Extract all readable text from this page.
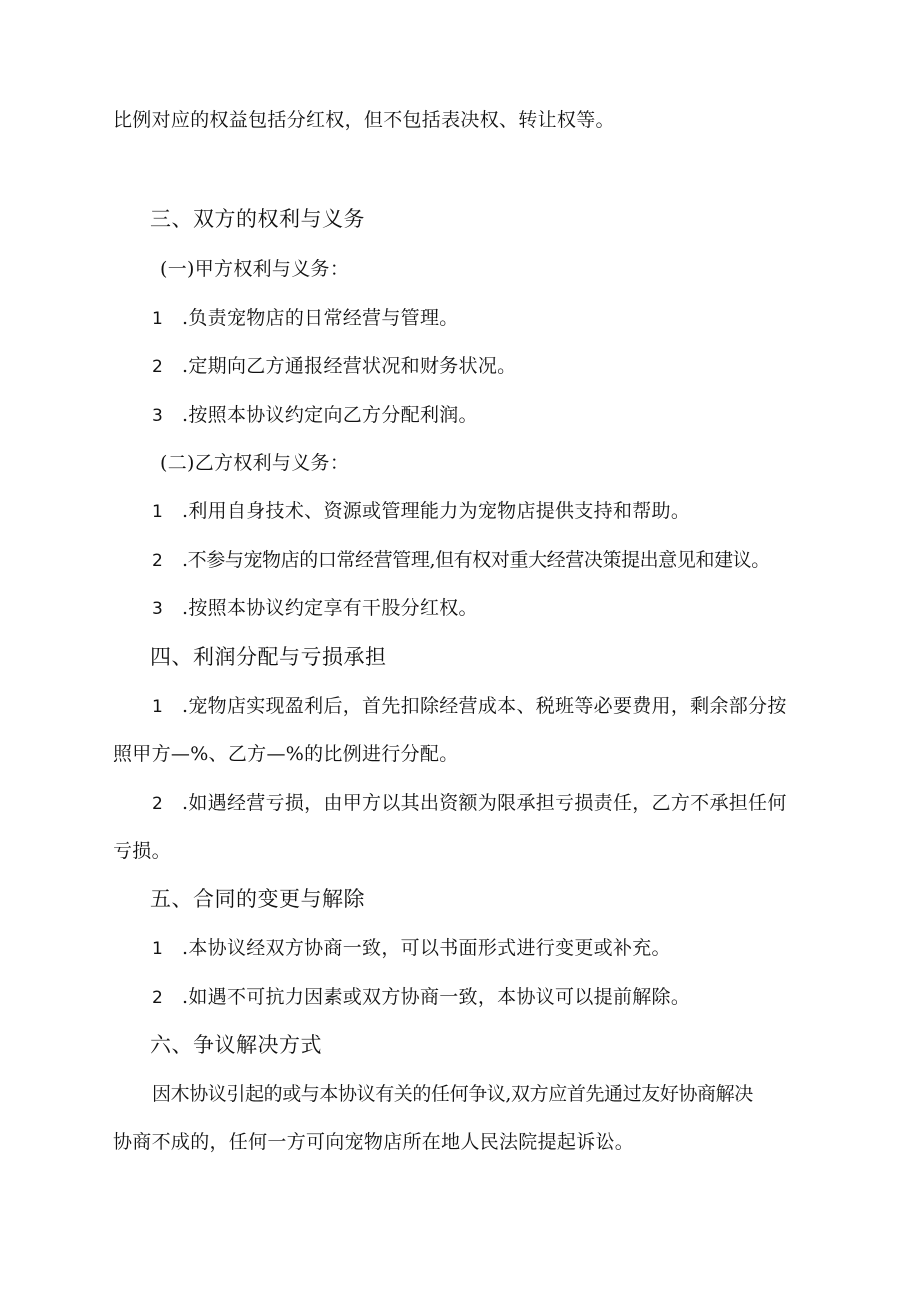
比例对应的权益包括分红权，但不包括表决权、转让权等。
三、双方的权利与义务
(一)甲方权利与义务：
1 .负责宠物店的日常经营与管理。
2 .定期向乙方通报经营状况和财务状况。
3 .按照本协议约定向乙方分配利润。
(二)乙方权利与义务：
1 .利用自身技术、资源或管理能力为宠物店提供支持和帮助。
2 .不参与宠物店的口常经营管理,但有权对重大经营决策提出意见和建议。
3 .按照本协议约定享有干股分红权。
四、利润分配与亏损承担
1 .宠物店实现盈利后，首先扣除经营成本、税班等必要费用，剩余部分按
照甲方—%、乙方—%的比例进行分配。
2 .如遇经营亏损，由甲方以其出资额为限承担亏损责任，乙方不承担任何
亏损。
五、合同的变更与解除
1 .本协议经双方协商一致，可以书面形式进行变更或补充。
2 .如遇不可抗力因素或双方协商一致，本协议可以提前解除。
六、争议解决方式
因木协议引起的或与本协议有关的任何争议,双方应首先通过友好协商解决
协商不成的，任何一方可向宠物店所在地人民法院提起诉讼。
